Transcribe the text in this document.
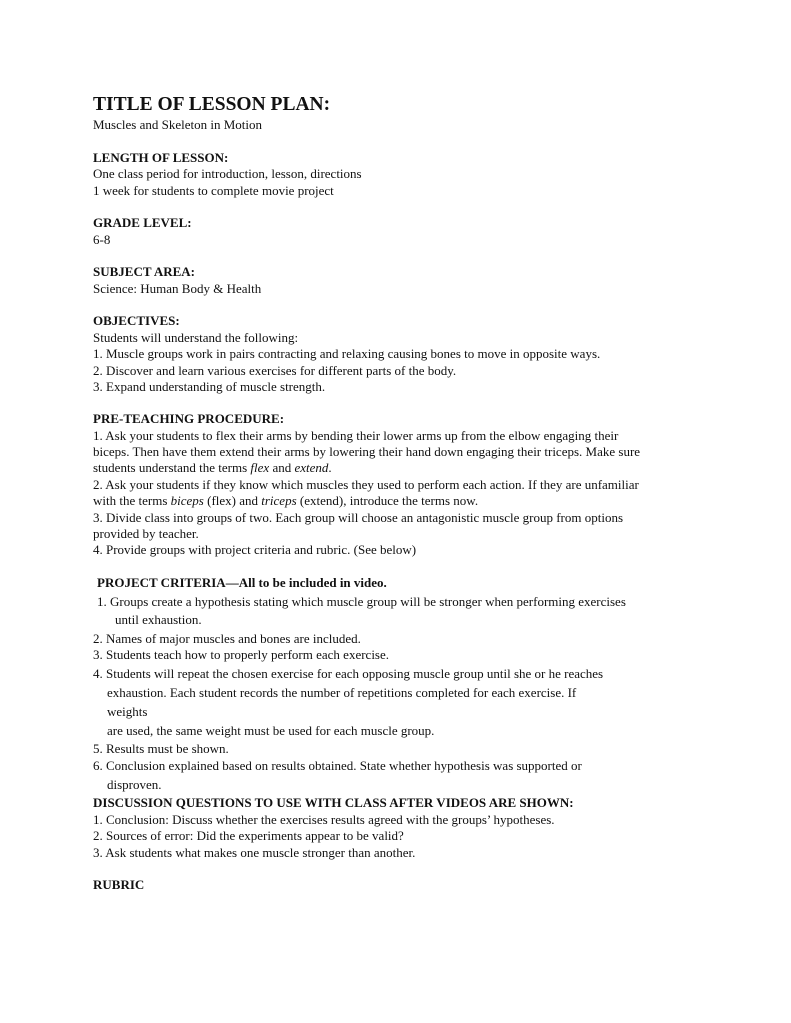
TITLE OF LESSON PLAN:
Muscles and Skeleton in Motion
LENGTH OF LESSON:
One class period for introduction, lesson, directions
1 week for students to complete movie project
GRADE LEVEL:
6-8
SUBJECT AREA:
Science: Human Body & Health
OBJECTIVES:
Students will understand the following:
1. Muscle groups work in pairs contracting and relaxing causing bones to move in opposite ways.
2. Discover and learn various exercises for different parts of the body.
3. Expand understanding of muscle strength.
PRE-TEACHING PROCEDURE:
1. Ask your students to flex their arms by bending their lower arms up from the elbow engaging their
biceps. Then have them extend their arms by lowering their hand down engaging their triceps. Make sure
students understand the terms flex and extend.
2. Ask your students if they know which muscles they used to perform each action. If they are unfamiliar
with the terms biceps (flex) and triceps (extend), introduce the terms now.
3. Divide class into groups of two. Each group will choose an antagonistic muscle group from options
provided by teacher.
4. Provide groups with project criteria and rubric. (See below)
PROJECT CRITERIA—All to be included in video.
1. Groups create a hypothesis stating which muscle group will be stronger when performing exercises
until exhaustion.
2. Names of major muscles and bones are included.
3. Students teach how to properly perform each exercise.
4. Students will repeat the chosen exercise for each opposing muscle group until she or he reaches
exhaustion. Each student records the number of repetitions completed for each exercise. If
weights
are used, the same weight must be used for each muscle group.
5. Results must be shown.
6. Conclusion explained based on results obtained. State whether hypothesis was supported or
disproven.
DISCUSSION QUESTIONS TO USE WITH CLASS AFTER VIDEOS ARE SHOWN:
1. Conclusion: Discuss whether the exercises results agreed with the groups’ hypotheses.
2. Sources of error: Did the experiments appear to be valid?
3. Ask students what makes one muscle stronger than another.
RUBRIC
